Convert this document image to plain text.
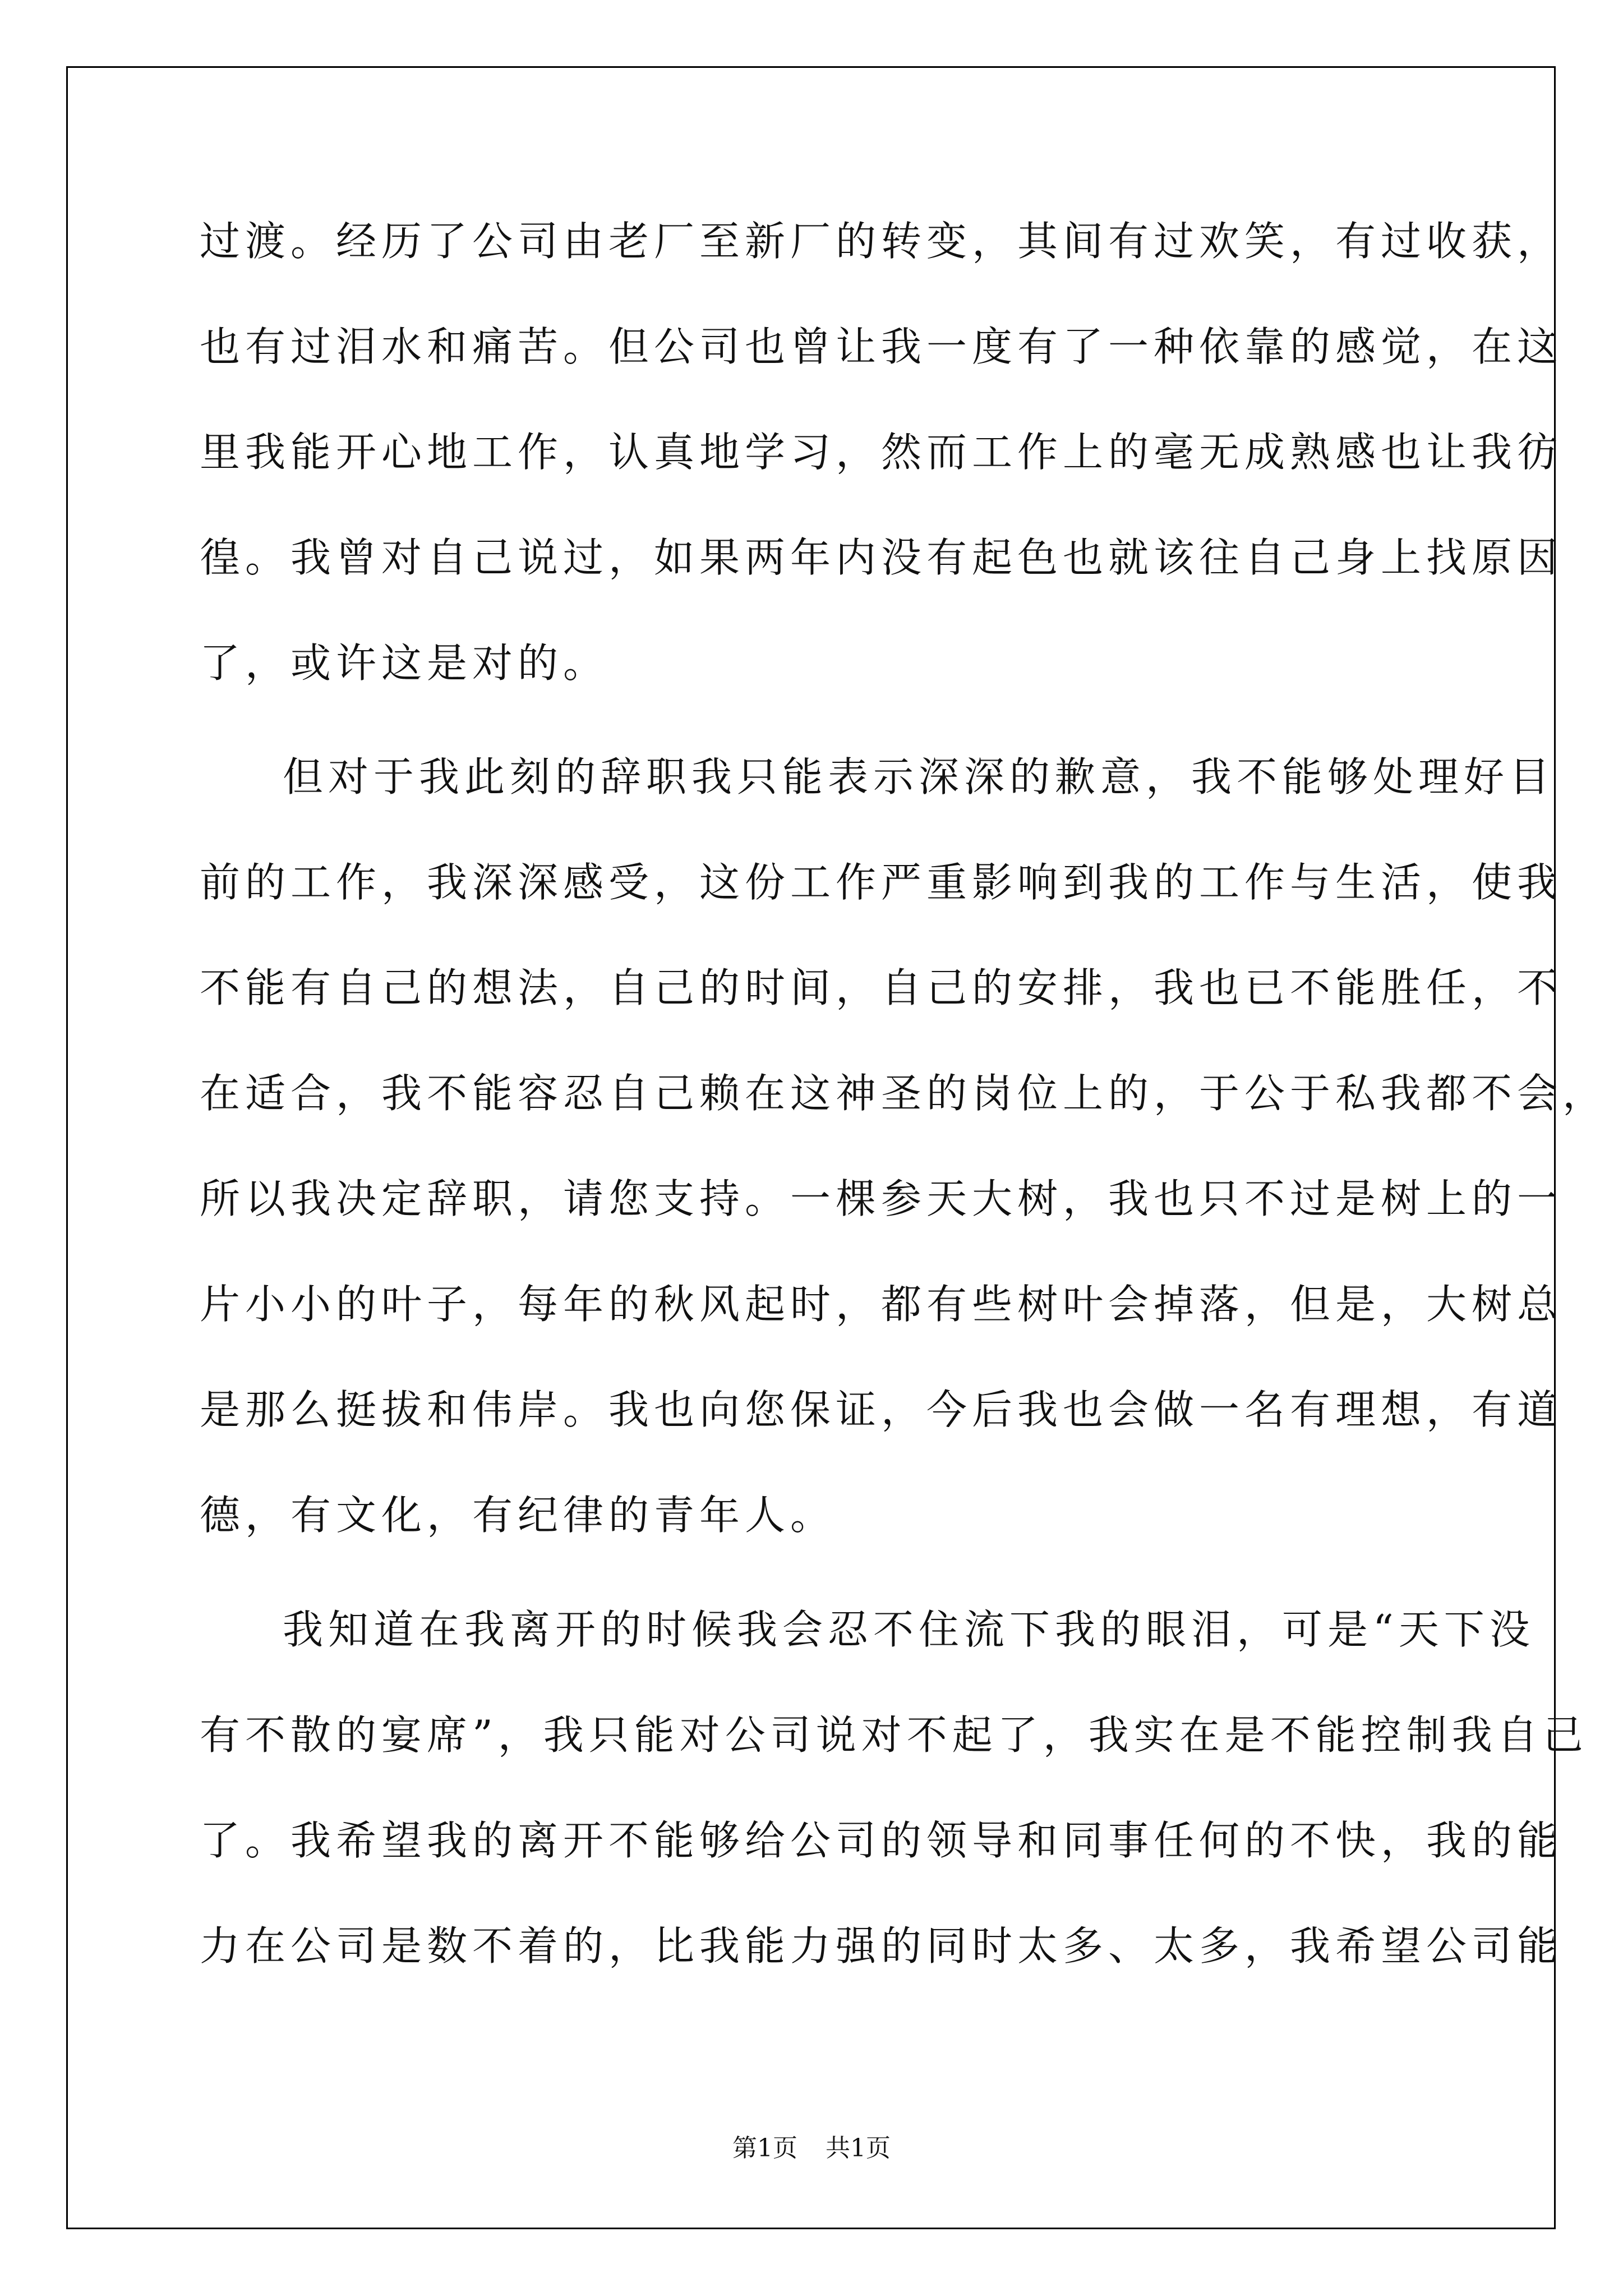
过渡。经历了公司由老厂至新厂的转变，其间有过欢笑，有过收获，
也有过泪水和痛苦。但公司也曾让我一度有了一种依靠的感觉，在这
里我能开心地工作，认真地学习，然而工作上的毫无成熟感也让我彷
徨。我曾对自己说过，如果两年内没有起色也就该往自己身上找原因
了，或许这是对的。
但对于我此刻的辞职我只能表示深深的歉意，我不能够处理好目
前的工作，我深深感受，这份工作严重影响到我的工作与生活，使我
不能有自己的想法，自己的时间，自己的安排，我也已不能胜任，不
在适合，我不能容忍自己赖在这神圣的岗位上的，于公于私我都不会，
所以我决定辞职，请您支持。一棵参天大树，我也只不过是树上的一
片小小的叶子，每年的秋风起时，都有些树叶会掉落，但是，大树总
是那么挺拔和伟岸。我也向您保证，今后我也会做一名有理想，有道
德，有文化，有纪律的青年人。
我知道在我离开的时候我会忍不住流下我的眼泪，可是“天下没
有不散的宴席”，我只能对公司说对不起了，我实在是不能控制我自己
了。我希望我的离开不能够给公司的领导和同事任何的不快，我的能
力在公司是数不着的，比我能力强的同时太多、太多，我希望公司能
第1页 共1页
